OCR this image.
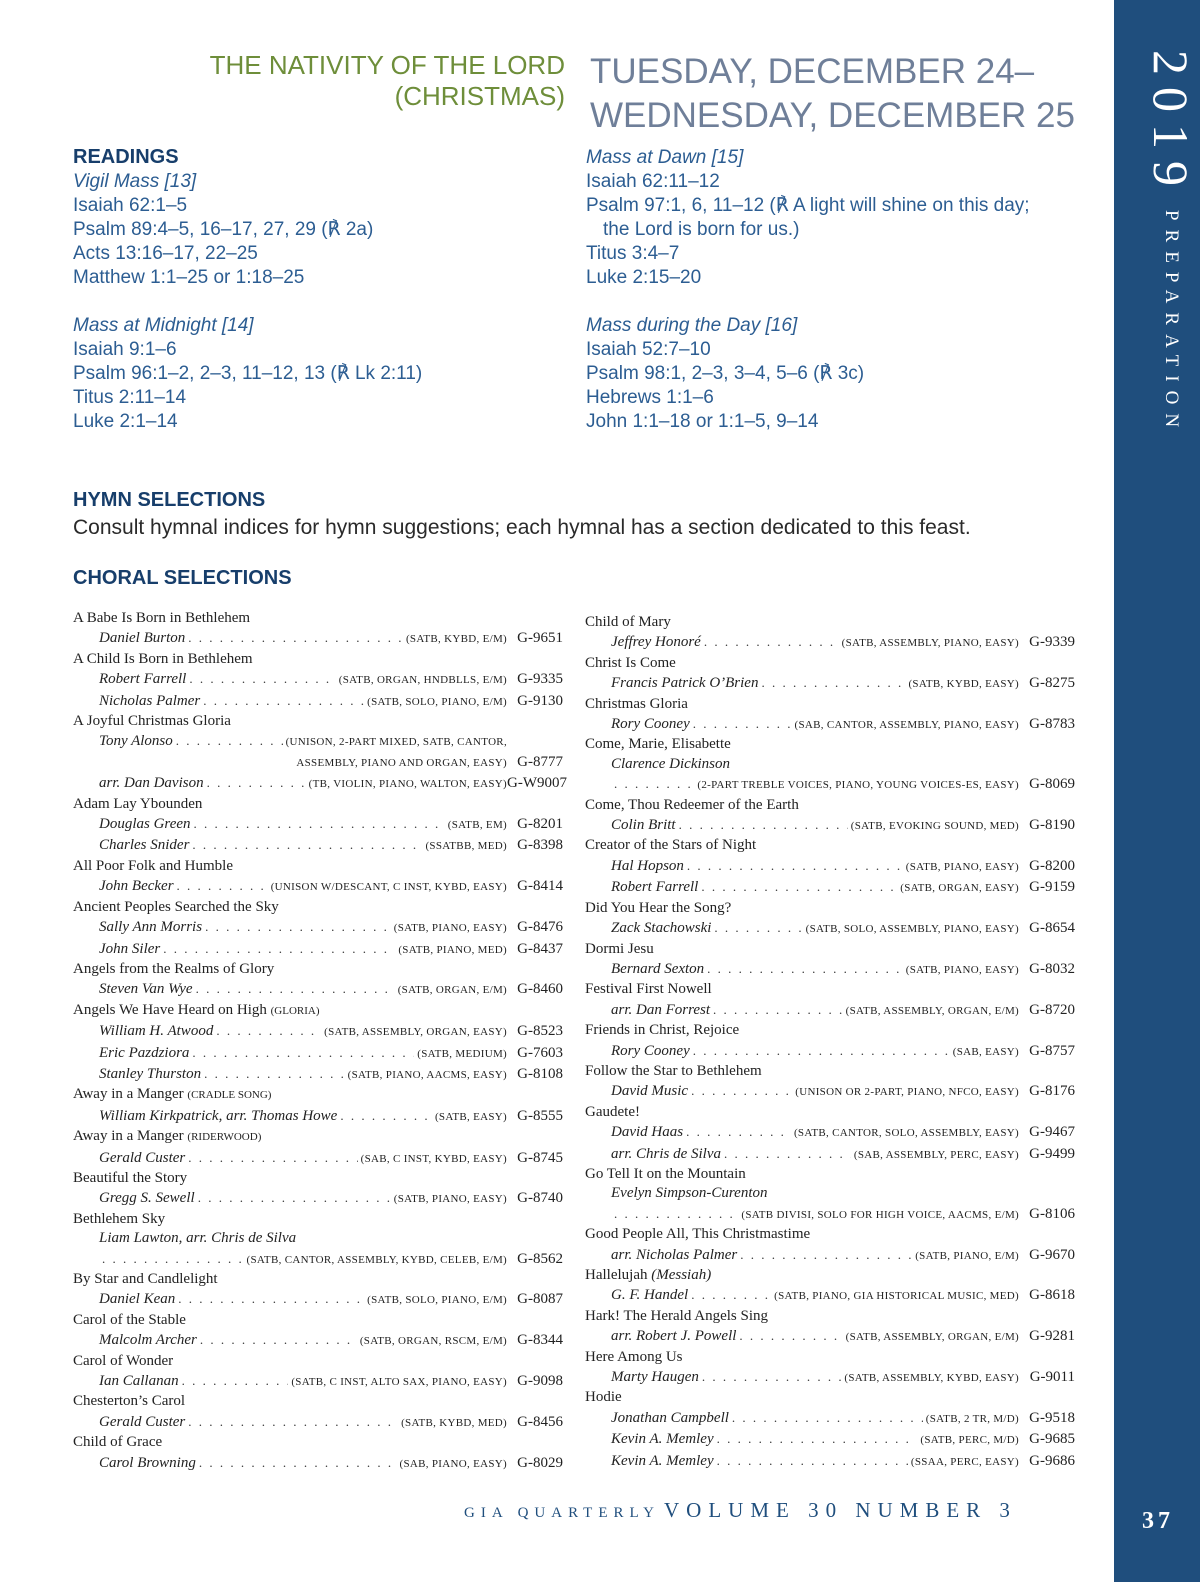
2019PREPARATION
37
THE NATIVITY OF THE LORD
(CHRISTMAS)
TUESDAY, DECEMBER 24–
WEDNESDAY, DECEMBER 25
READINGS
Vigil Mass [13]
Isaiah 62:1–5
Psalm 89:4–5, 16–17, 27, 29 (℟ 2a)
Acts 13:16–17, 22–25
Matthew 1:1–25 or 1:18–25
Mass at Midnight [14]
Isaiah 9:1–6
Psalm 96:1–2, 2–3, 11–12, 13 (℟ Lk 2:11)
Titus 2:11–14
Luke 2:1–14
Mass at Dawn [15]
Isaiah 62:11–12
Psalm 97:1, 6, 11–12 (℟ A light will shine on this day;
the Lord is born for us.)
Titus 3:4–7
Luke 2:15–20
Mass during the Day [16]
Isaiah 52:7–10
Psalm 98:1, 2–3, 3–4, 5–6 (℟ 3c)
Hebrews 1:1–6
John 1:1–18 or 1:1–5, 9–14
HYMN SELECTIONS
Consult hymnal indices for hymn suggestions; each hymnal has a section dedicated to this feast.
CHORAL SELECTIONS
A Babe Is Born in Bethlehem
Daniel Burton . . .	(SATB, KYBD, E/M) G-9651
A Child Is Born in Bethlehem
Robert Farrell . . .	(SATB, ORGAN, HNDBLLS, E/M) G-9335
Nicholas Palmer . . .	(SATB, SOLO, PIANO, E/M) G-9130
A Joyful Christmas Gloria
Tony Alonso . . .	(UNISON, 2-PART MIXED, SATB, CANTOR,
ASSEMBLY, PIANO AND ORGAN, EASY) G-8777
arr. Dan Davison . . .	(TB, VIOLIN, PIANO, WALTON, EASY) G-W9007
Adam Lay Ybounden
Douglas Green . . .	(SATB, EM) G-8201
Charles Snider . . .	(SSATBB, MED) G-8398
All Poor Folk and Humble
John Becker . . .	(UNISON W/DESCANT, C INST, KYBD, EASY) G-8414
Ancient Peoples Searched the Sky
Sally Ann Morris . . .	(SATB, PIANO, EASY) G-8476
John Siler . . .	(SATB, PIANO, MED) G-8437
Angels from the Realms of Glory
Steven Van Wye . . .	(SATB, ORGAN, E/M) G-8460
Angels We Have Heard on High (GLORIA)
William H. Atwood . . .	(SATB, ASSEMBLY, ORGAN, EASY) G-8523
Eric Pazdziora . . .	(SATB, MEDIUM) G-7603
Stanley Thurston . . .	(SATB, PIANO, AACMS, EASY) G-8108
Away in a Manger (CRADLE SONG)
William Kirkpatrick, arr. Thomas Howe . . .	(SATB, EASY) G-8555
Away in a Manger (RIDERWOOD)
Gerald Custer . . .	(SAB, C INST, KYBD, EASY) G-8745
Beautiful the Story
Gregg S. Sewell . . .	(SATB, PIANO, EASY) G-8740
Bethlehem Sky
Liam Lawton, arr. Chris de Silva
. . .
(SATB, CANTOR, ASSEMBLY, KYBD, CELEB, E/M) G-8562
By Star and Candlelight
Daniel Kean . . .	(SATB, SOLO, PIANO, E/M) G-8087
Carol of the Stable
Malcolm Archer . . .	(SATB, ORGAN, RSCM, E/M) G-8344
Carol of Wonder
Ian Callanan . . .	(SATB, C INST, ALTO SAX, PIANO, EASY) G-9098
Chesterton’s Carol
Gerald Custer . . .	(SATB, KYBD, MED) G-8456
Child of Grace
Carol Browning . . .	(SAB, PIANO, EASY) G-8029
Child of Mary
Jeffrey Honoré . . .	(SATB, ASSEMBLY, PIANO, EASY) G-9339
Christ Is Come
Francis Patrick O’Brien . . .	(SATB, KYBD, EASY) G-8275
Christmas Gloria
Rory Cooney . . .	(SAB, CANTOR, ASSEMBLY, PIANO, EASY) G-8783
Come, Marie, Elisabette
Clarence Dickinson
. . .
(2-PART TREBLE VOICES, PIANO, YOUNG VOICES-ES, EASY) G-8069
Come, Thou Redeemer of the Earth
Colin Britt . . .	(SATB, EVOKING SOUND, MED) G-8190
Creator of the Stars of Night
Hal Hopson . . .	(SATB, PIANO, EASY) G-8200
Robert Farrell . . .	(SATB, ORGAN, EASY) G-9159
Did You Hear the Song?
Zack Stachowski . . .	(SATB, SOLO, ASSEMBLY, PIANO, EASY) G-8654
Dormi Jesu
Bernard Sexton . . .	(SATB, PIANO, EASY) G-8032
Festival First Nowell
arr. Dan Forrest . . .	(SATB, ASSEMBLY, ORGAN, E/M) G-8720
Friends in Christ, Rejoice
Rory Cooney . . .	(SAB, EASY) G-8757
Follow the Star to Bethlehem
David Music . . .	(UNISON OR 2-PART, PIANO, NFCO, EASY) G-8176
Gaudete!
David Haas . . .	(SATB, CANTOR, SOLO, ASSEMBLY, EASY) G-9467
arr. Chris de Silva . . .	(SAB, ASSEMBLY, PERC, EASY) G-9499
Go Tell It on the Mountain
Evelyn Simpson-Curenton
. . .
(SATB DIVISI, SOLO FOR HIGH VOICE, AACMS, E/M) G-8106
Good People All, This Christmastime
arr. Nicholas Palmer . . .	(SATB, PIANO, E/M) G-9670
Hallelujah (Messiah)
G. F. Handel . . .	(SATB, PIANO, GIA HISTORICAL MUSIC, MED) G-8618
Hark! The Herald Angels Sing
arr. Robert J. Powell . . .	(SATB, ASSEMBLY, ORGAN, E/M) G-9281
Here Among Us
Marty Haugen . . .	(SATB, ASSEMBLY, KYBD, EASY) G-9011
Hodie
Jonathan Campbell . . .	(SATB, 2 TR, M/D) G-9518
Kevin A. Memley . . .	(SATB, PERC, M/D) G-9685
Kevin A. Memley . . .	(SSAA, PERC, EASY) G-9686
GIA QUARTERLY VOLUME 30 NUMBER 3
